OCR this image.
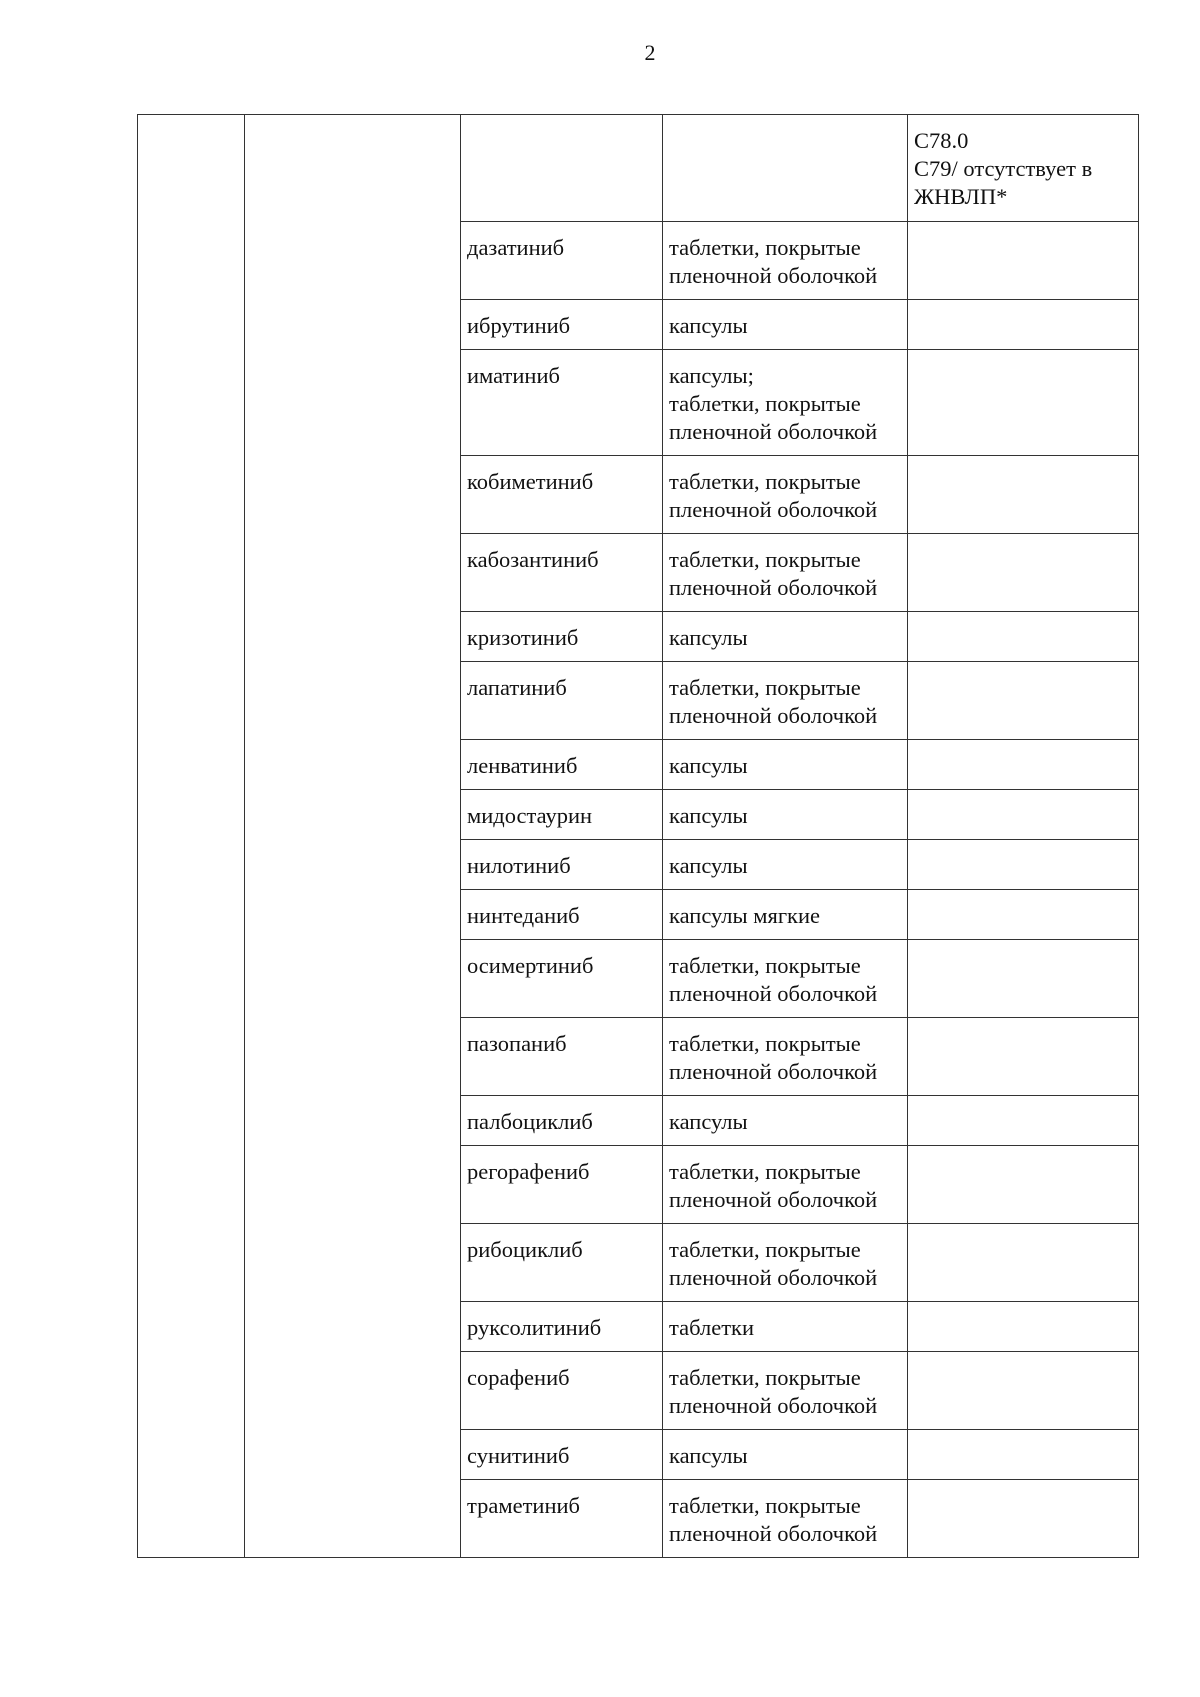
2
				С78.0
С79/ отсутствует в ЖНВЛП*
		дазатиниб	таблетки, покрытые
пленочной оболочкой	
		ибрутиниб	капсулы	
		иматиниб	капсулы;
таблетки, покрытые
пленочной оболочкой	
		кобиметиниб	таблетки, покрытые
пленочной оболочкой	
		кабозантиниб	таблетки, покрытые
пленочной оболочкой	
		кризотиниб	капсулы	
		лапатиниб	таблетки, покрытые
пленочной оболочкой	
		ленватиниб	капсулы	
		мидостаурин	капсулы	
		нилотиниб	капсулы	
		нинтеданиб	капсулы мягкие	
		осимертиниб	таблетки, покрытые
пленочной оболочкой	
		пазопаниб	таблетки, покрытые
пленочной оболочкой	
		палбоциклиб	капсулы	
		регорафениб	таблетки, покрытые
пленочной оболочкой	
		рибоциклиб	таблетки, покрытые
пленочной оболочкой	
		руксолитиниб	таблетки	
		сорафениб	таблетки, покрытые
пленочной оболочкой	
		сунитиниб	капсулы	
		траметиниб	таблетки, покрытые
пленочной оболочкой	
